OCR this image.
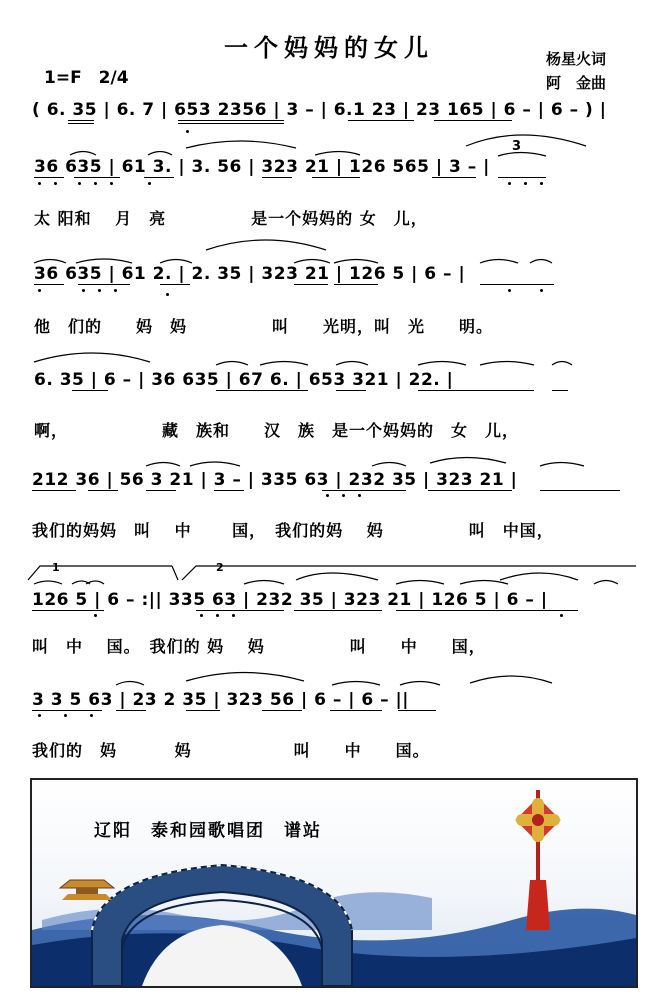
一个妈妈的女儿	杨星火词
阿　金曲
1=F　2/4
( 6. 35 | 6. 7 | 653 2356 | 3 – | 6.1 23 | 23 165 | 6 – | 6 – ) |
36 635 | 61 3. | 3. 56 | 323 21 | 126 565 | 3 – |
太 阳和　 月　亮　　　　　是一个妈妈的 女　儿，
3
36 635 | 61 2. | 2. 35 | 323 21 | 126 5 | 6 – |
他　们的　　妈　妈　　　　　叫　　光明，叫　光　　明。
6. 35 | 6 – | 36 635 | 67 6. | 653 321 | 22. |
啊，　　　　　　藏　族和　　汉　族　是一个妈妈的　女　儿，
212 36 | 56 3 21 | 3 – | 335 63 | 232 35 | 323 21 |
我们的妈妈　叫　 中　　 国，　我们的妈　 妈　　　　　叫　中国，
1	2
126 5 | 6 – :|| 335 63 | 232 35 | 323 21 | 126 5 | 6 – |
叫　中　 国。　我们的 妈　 妈　　　　　叫　　中　　国，
3 3 5 63 | 23 2 35 | 323 56 | 6 – | 6 – ||
我们的　妈　　　 妈　　　　　　叫　　中　　国。
辽阳　泰和园歌唱团　谱站
